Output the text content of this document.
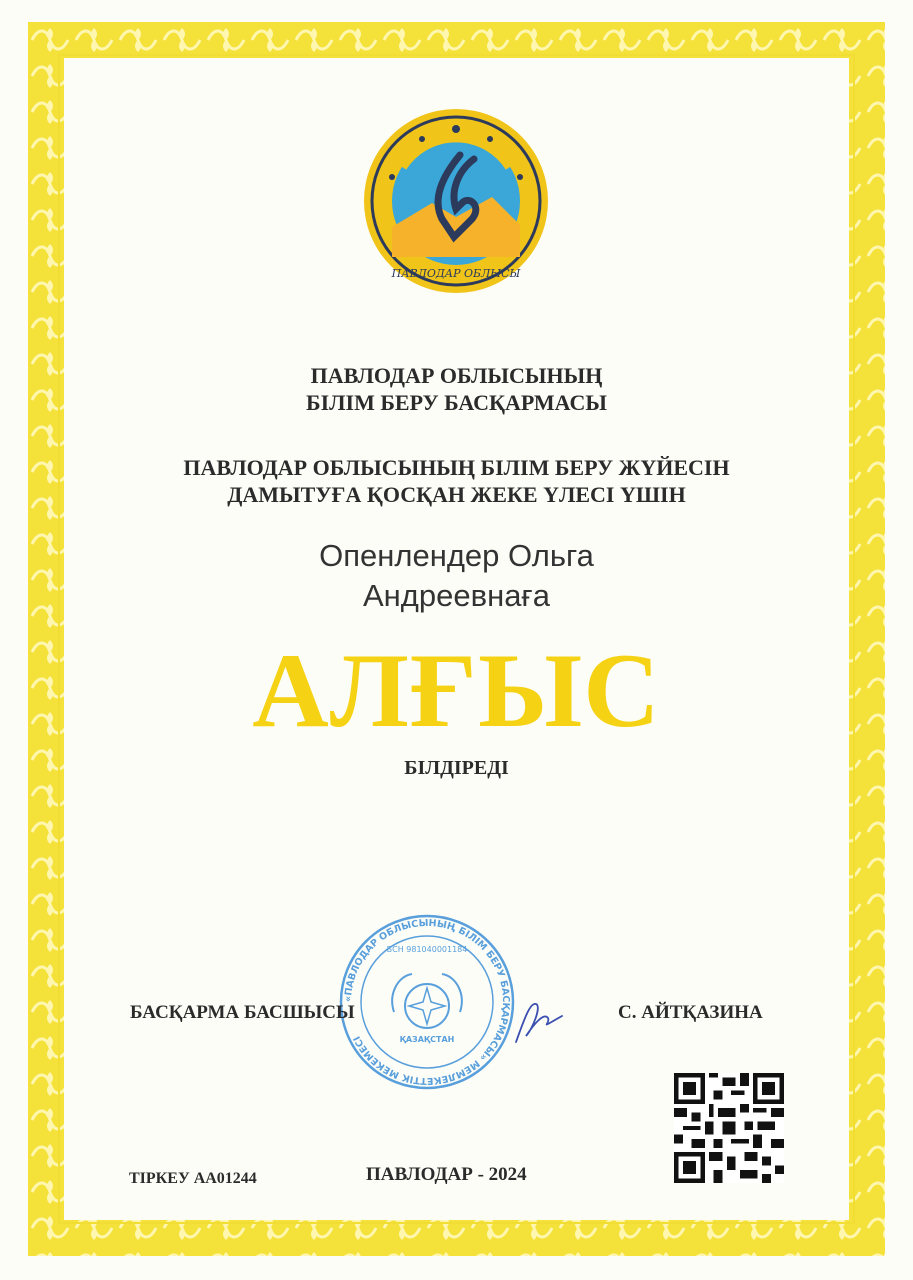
ПАВЛОДАР ОБЛЫСЫ
ПАВЛОДАР ОБЛЫСЫНЫҢ
БІЛІМ БЕРУ БАСҚАРМАСЫ
ПАВЛОДАР ОБЛЫСЫНЫҢ БІЛІМ БЕРУ ЖҮЙЕСІН
ДАМЫТУҒА ҚОСҚАН ЖЕКЕ ҮЛЕСІ ҮШІН
Опенлендер Ольга
Андреевнаға
АЛҒЫС
БІЛДІРЕДІ
«ПАВЛОДАР ОБЛЫСЫНЫҢ БІЛІМ БЕРУ БАСҚАРМАСЫ» МЕМЛЕКЕТТІК МЕКЕМЕСІ
БСН 981040001184
ҚАЗАҚСТАН
БАСҚАРМА БАСШЫСЫ	С. АЙТҚАЗИНА
ТІРКЕУ АА01244	ПАВЛОДАР - 2024
